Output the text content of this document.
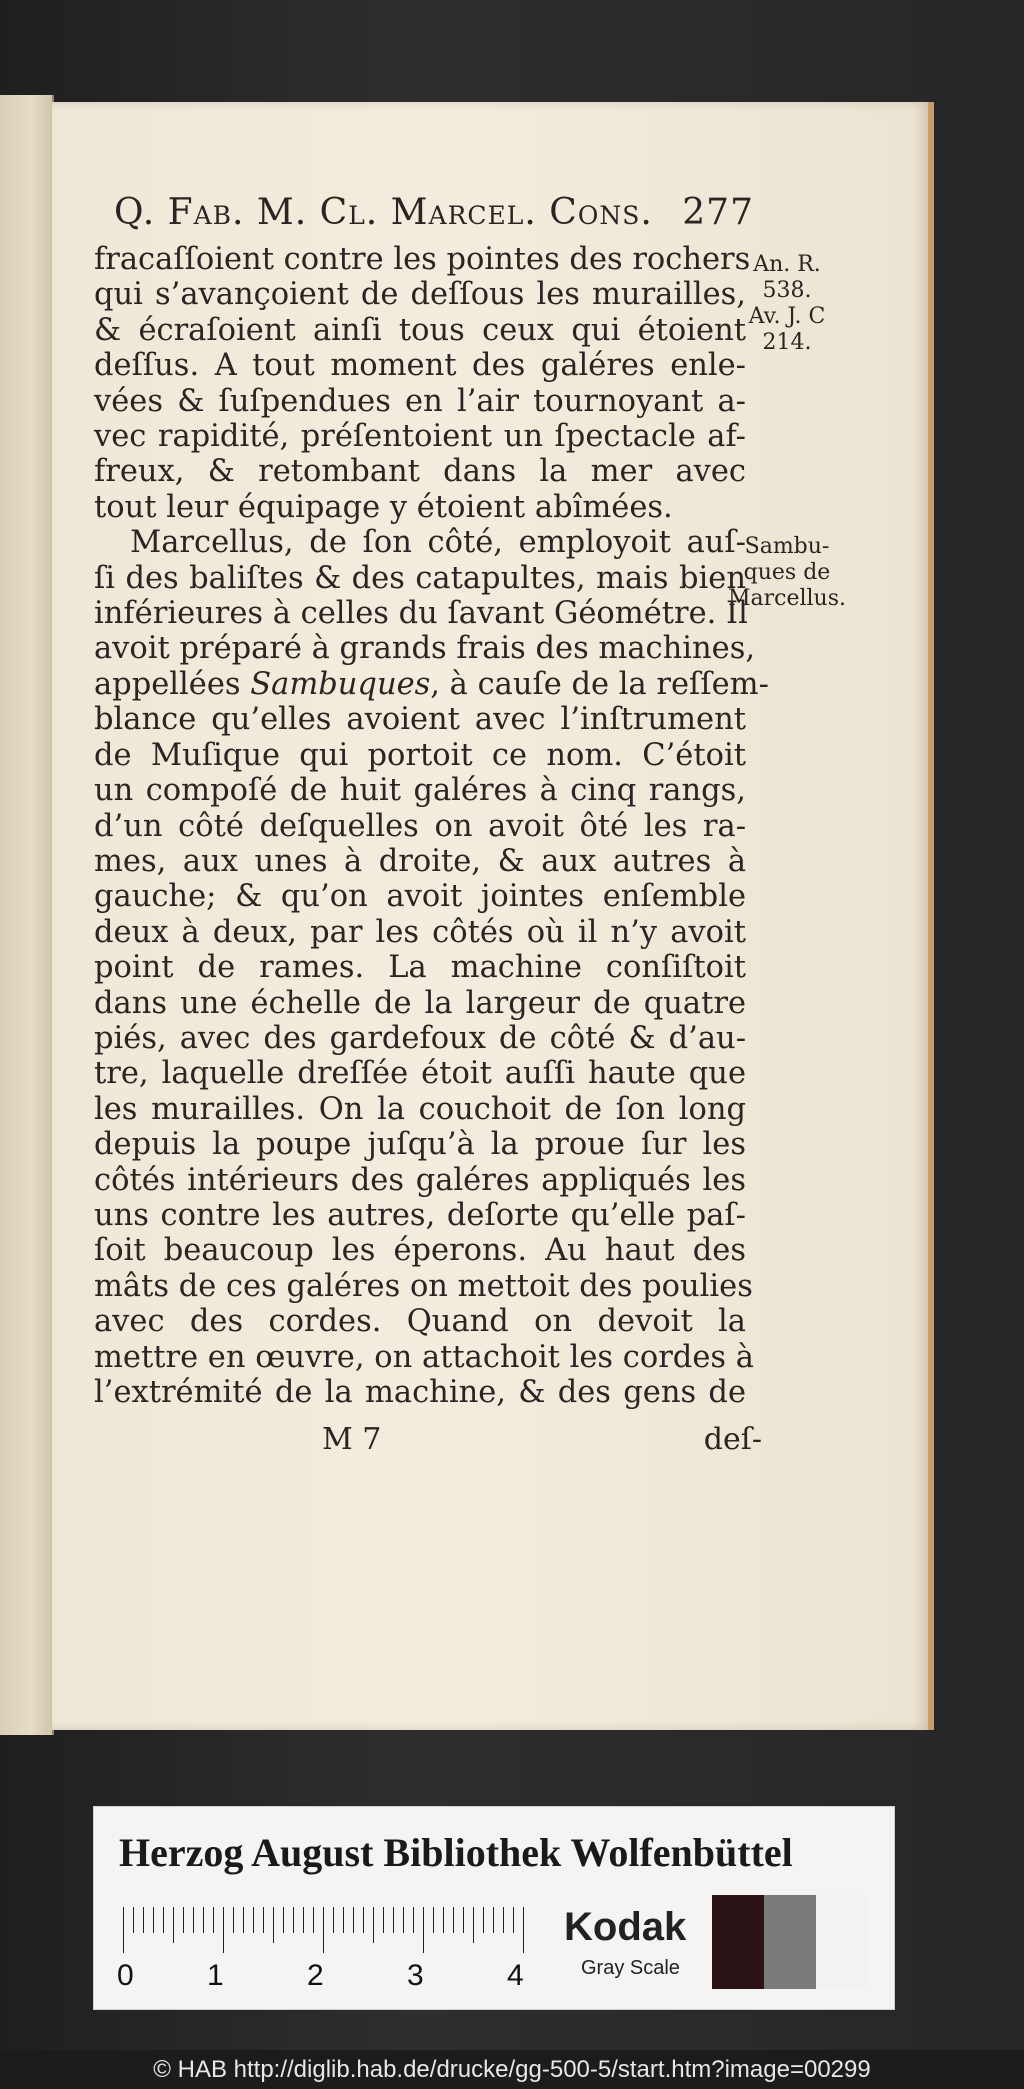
Q. Fab. M. Cl. Marcel. Cons. 277
fracaſſoient contre les pointes des rochers
qui s’avançoient de deſſous les murailles,
& écraſoient ainſi tous ceux qui étoient
deſſus. A tout moment des galéres enle-
vées & ſuſpendues en l’air tournoyant a-
vec rapidité, préſentoient un ſpectacle af-
freux, & retombant dans la mer avec
tout leur équipage y étoient abîmées.
Marcellus, de ſon côté, employoit auſ-
ſi des baliſtes & des catapultes, mais bien
inférieures à celles du ſavant Géométre. Il
avoit préparé à grands frais des machines,
appellées Sambuques, à cauſe de la reſſem-
blance qu’elles avoient avec l’inſtrument
de Muſique qui portoit ce nom. C’étoit
un compoſé de huit galéres à cinq rangs,
d’un côté deſquelles on avoit ôté les ra-
mes, aux unes à droite, & aux autres à
gauche; & qu’on avoit jointes enſemble
deux à deux, par les côtés où il n’y avoit
point de rames. La machine conſiſtoit
dans une échelle de la largeur de quatre
piés, avec des gardefoux de côté & d’au-
tre, laquelle dreſſée étoit auſſi haute que
les murailles. On la couchoit de ſon long
depuis la poupe juſqu’à la proue ſur les
côtés intérieurs des galéres appliqués les
uns contre les autres, deſorte qu’elle paſ-
ſoit beaucoup les éperons. Au haut des
mâts de ces galéres on mettoit des poulies
avec des cordes. Quand on devoit la
mettre en œuvre, on attachoit les cordes à
l’extrémité de la machine, & des gens de
An. R.
538.
Av. J. C
214.
Sambu-
ques de
Marcellus.
M 7	deſ-
Herzog August Bibliothek Wolfenbüttel
0 1	2	3	4
Kodak
Gray Scale
© HAB http://diglib.hab.de/drucke/gg-500-5/start.htm?image=00299
